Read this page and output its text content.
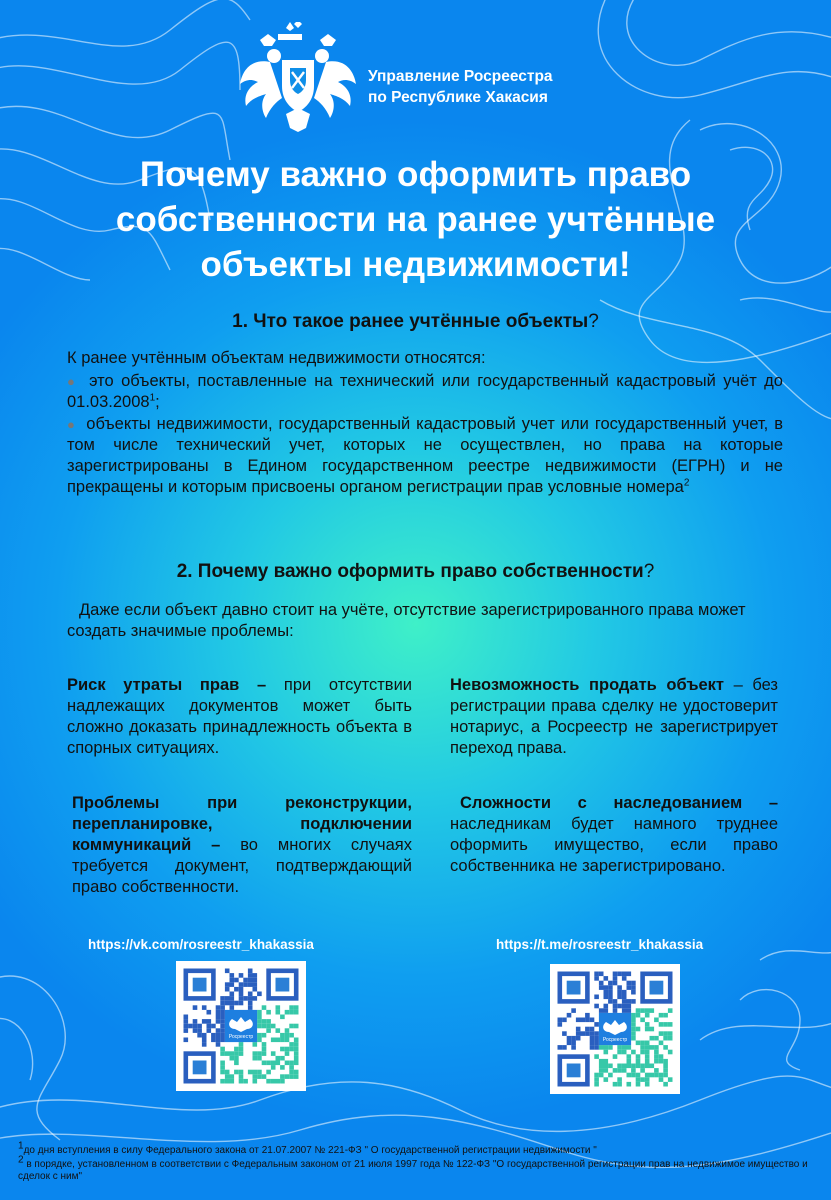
Управление Росреестра
по Республике Хакасия
Почему важно оформить право собственности на ранее учтённые объекты недвижимости!
1. Что такое ранее учтённые объекты?

К ранее учтённым объектам недвижимости относятся:

● это объекты, поставленные на технический или государственный кадастровый учёт до 01.03.2008$^1$;

● объекты недвижимости, государственный кадастровый учет или государственный учет, в том числе технический учет, которых не осуществлен, но права на которые зарегистрированы в Едином государственном реестре недвижимости (ЕГРН) и не прекращены и которым присвоены органом регистрации прав условные номера$^2$

2. Почему важно оформить право собственности?

Даже если объект давно стоит на учёте, отсутствие зарегистрированного права может создать значимые проблемы:

Риск утраты прав – при отсутствии надлежащих документов может быть сложно доказать принадлежность объекта в спорных ситуациях.

Невозможность продать объект – без регистрации права сделку не удостоверит нотариус, а Росреестр не зарегистрирует переход права.

Проблемы при реконструкции, перепланировке, подключении коммуникаций – во многих случаях требуется документ, подтверждающий право собственности.

Сложности с наследованием – наследникам будет намного труднее оформить имущество, если право собственника не зарегистрировано.

https://vk.com/rosreestr_khakassia	https://t.me/rosreestr_khakassia
Росреестр	Росреестр

$^1$до дня вступления в силу Федерального закона от 21.07.2007 № 221-ФЗ " О государственной регистрации недвижимости "

$^2$ в порядке, установленном в соответствии с Федеральным законом от 21 июля 1997 года № 122-ФЗ "О государственной регистрации прав на недвижимое имущество и сделок с ним"
